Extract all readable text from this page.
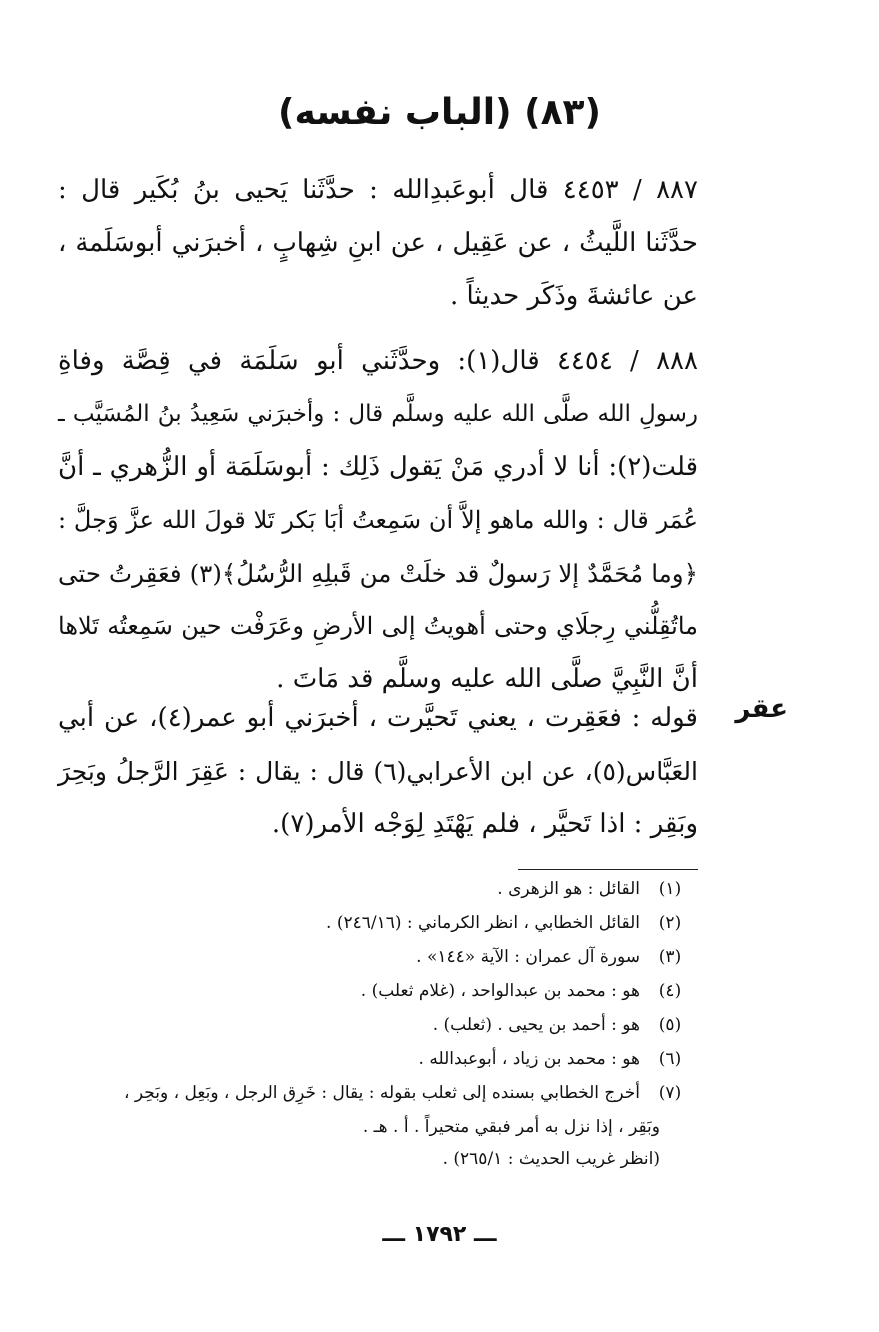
(٨٣) (الباب نفسه)
٨٨٧ / ٤٤٥٣ قال أبوعَبدِالله : حدَّثَنا يَحيى بنُ بُكَير قال :
حدَّثَنا اللَّيثُ ، عن عَقِيل ، عن ابنِ شِهابٍ ، أخبرَني أبوسَلَمة ،
عن عائشةَ وذَكَر حديثاً .
٨٨٨ / ٤٤٥٤ قال(١): وحدَّثَني أبو سَلَمَة في قِصَّة وفاةِ
رسولِ الله صلَّى الله عليه وسلَّم قال : وأخبرَني سَعِيدُ بنُ المُسَيَّب ـ
قلت(٢): أنا لا أدري مَنْ يَقول ذَلِك : أبوسَلَمَة أو الزُّهري ـ أنَّ
عُمَر قال : والله ماهو إلاَّ أن سَمِعتُ أبَا بَكر تَلا قولَ الله عزَّ وَجلَّ :
﴿وما مُحَمَّدٌ إلا رَسولٌ قد خلَتْ من قَبلِهِ الرُّسُلُ﴾(٣) فعَقِرتُ حتى
ماتُقِلُّني رِجلَاي وحتى أهويتُ إلى الأرضِ وعَرَفْت حين سَمِعتُه تَلاها
أنَّ النَّبِيَّ صلَّى الله عليه وسلَّم قد مَاتَ .
عقر
قوله : فعَقِرت ، يعني تَحيَّرت ، أخبرَني أبو عمر(٤)، عن أبي
العَبَّاس(٥)، عن ابن الأعرابي(٦) قال : يقال : عَقِرَ الرَّجلُ وبَحِرَ
وبَقِر : اذا تَحيَّر ، فلم يَهْتَدِ لِوَجْه الأمر(٧).
(١)القائل : هو الزهرى .
(٢)القائل الخطابي ، انظر الكرماني : (٢٤٦/١٦) .
(٣)سورة آل عمران : الآية «١٤٤» .
(٤)هو : محمد بن عبدالواحد ، (غلام ثعلب) .
(٥)هو : أحمد بن يحيى . (ثعلب) .
(٦)هو : محمد بن زياد ، أبوعبدالله .
(٧)أخرج الخطابي بسنده إلى ثعلب بقوله : يقال : خَرِق الرجل ، وبَعِل ، وبَحِر ،
وبَقِر ، إذا نزل به أمر فبقي متحيراً . أ . هـ .
(انظر غريب الحديث : ٢٦٥/١) .
ـــ ١٧٩٢ ـــ
